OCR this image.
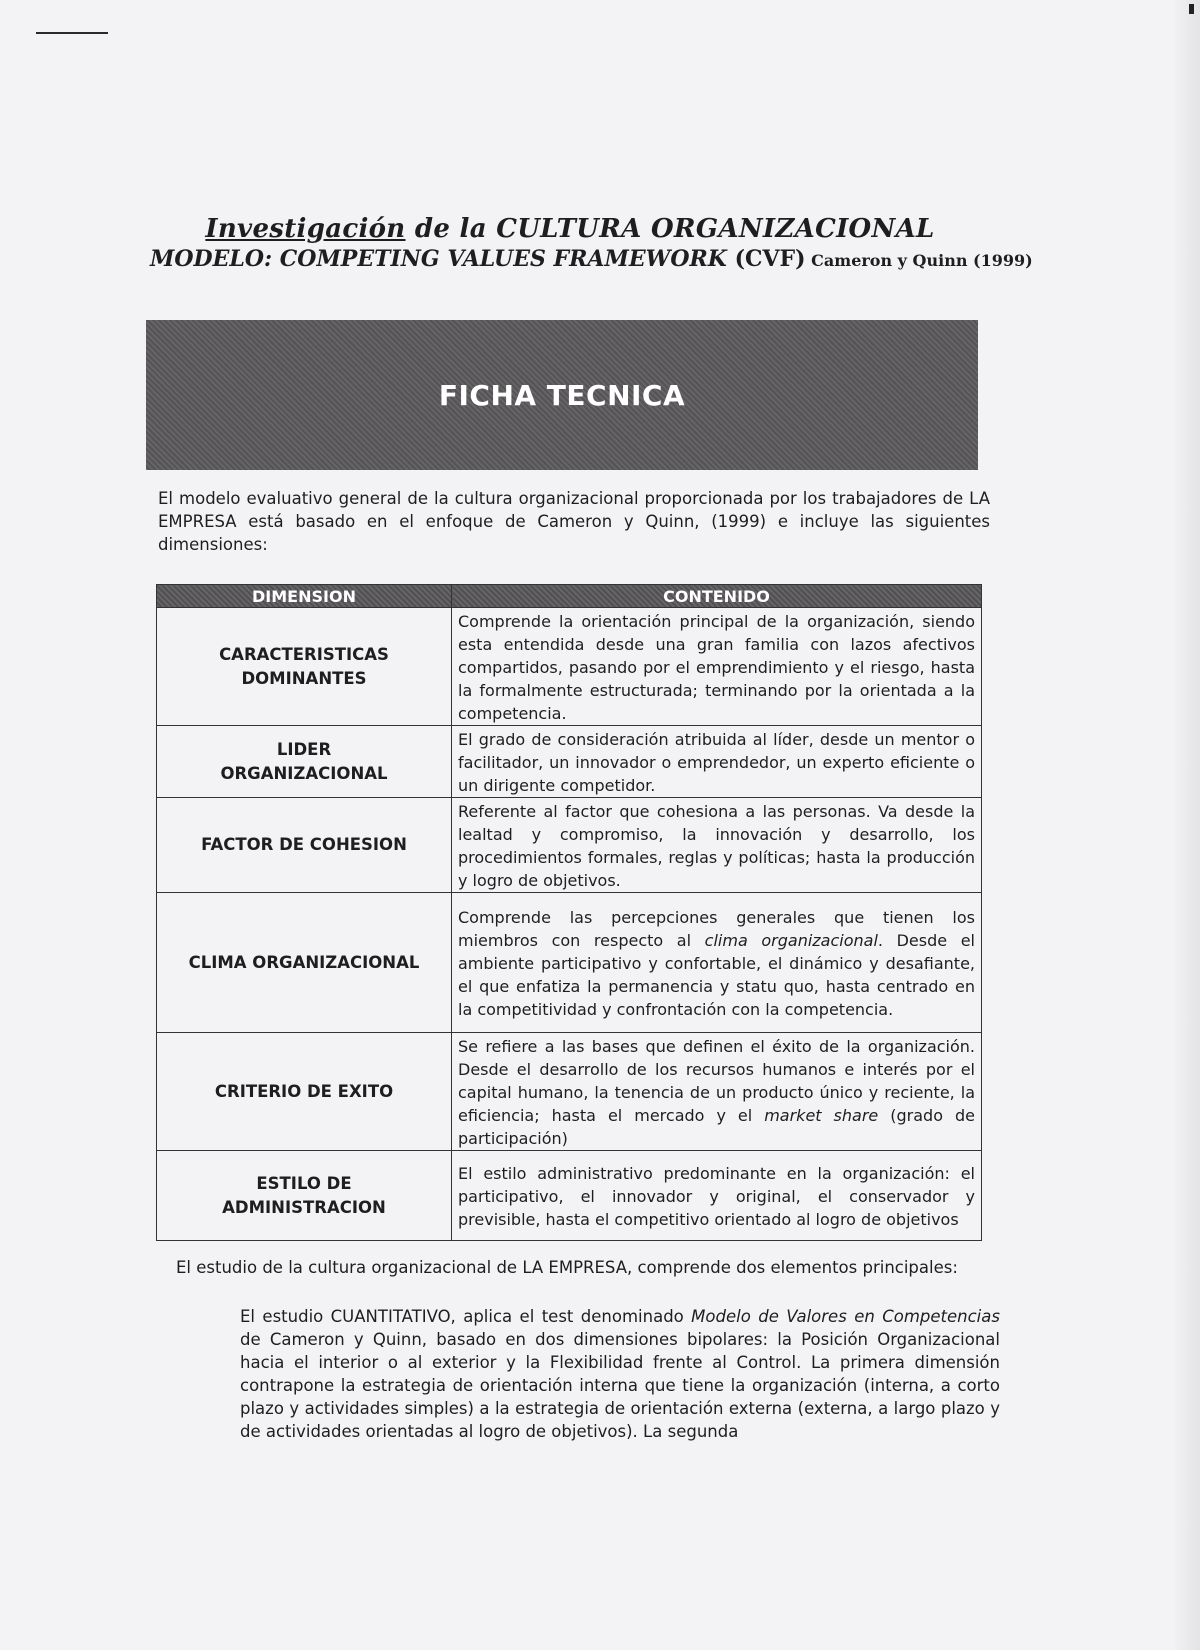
Investigación de la CULTURA ORGANIZACIONAL
MODELO: COMPETING VALUES FRAMEWORK (CVF) Cameron y Quinn (1999)
FICHA TECNICA
El modelo evaluativo general de la cultura organizacional proporcionada por los trabajadores de LA EMPRESA está basado en el enfoque de Cameron y Quinn, (1999) e incluye las siguientes dimensiones:
DIMENSION	CONTENIDO
CARACTERISTICAS
DOMINANTES	Comprende la orientación principal de la organización, siendo esta entendida desde una gran familia con lazos afectivos compartidos, pasando por el emprendimiento y el riesgo, hasta la formalmente estructurada; terminando por la orientada a la competencia.
LIDER
ORGANIZACIONAL	El grado de consideración atribuida al líder, desde un mentor o facilitador, un innovador o emprendedor, un experto eficiente o un dirigente competidor.
FACTOR DE COHESION	Referente al factor que cohesiona a las personas. Va desde la lealtad y compromiso, la innovación y desarrollo, los procedimientos formales, reglas y políticas; hasta la producción y logro de objetivos.
CLIMA ORGANIZACIONAL	Comprende las percepciones generales que tienen los miembros con respecto al clima organizacional. Desde el ambiente participativo y confortable, el dinámico y desafiante, el que enfatiza la permanencia y statu quo, hasta centrado en la competitividad y confrontación con la competencia.
CRITERIO DE EXITO	Se refiere a las bases que definen el éxito de la organización. Desde el desarrollo de los recursos humanos e interés por el capital humano, la tenencia de un producto único y reciente, la eficiencia; hasta el mercado y el market share (grado de participación)
ESTILO DE
ADMINISTRACION	El estilo administrativo predominante en la organización: el participativo, el innovador y original, el conservador y previsible, hasta el competitivo orientado al logro de objetivos
El estudio de la cultura organizacional de LA EMPRESA, comprende dos elementos principales:
El estudio CUANTITATIVO, aplica el test denominado Modelo de Valores en Competencias de Cameron y Quinn, basado en dos dimensiones bipolares: la Posición Organizacional hacia el interior o al exterior y la Flexibilidad frente al Control. La primera dimensión contrapone la estrategia de orientación interna que tiene la organización (interna, a corto plazo y actividades simples) a la estrategia de orientación externa (externa, a largo plazo y de actividades orientadas al logro de objetivos). La segunda
